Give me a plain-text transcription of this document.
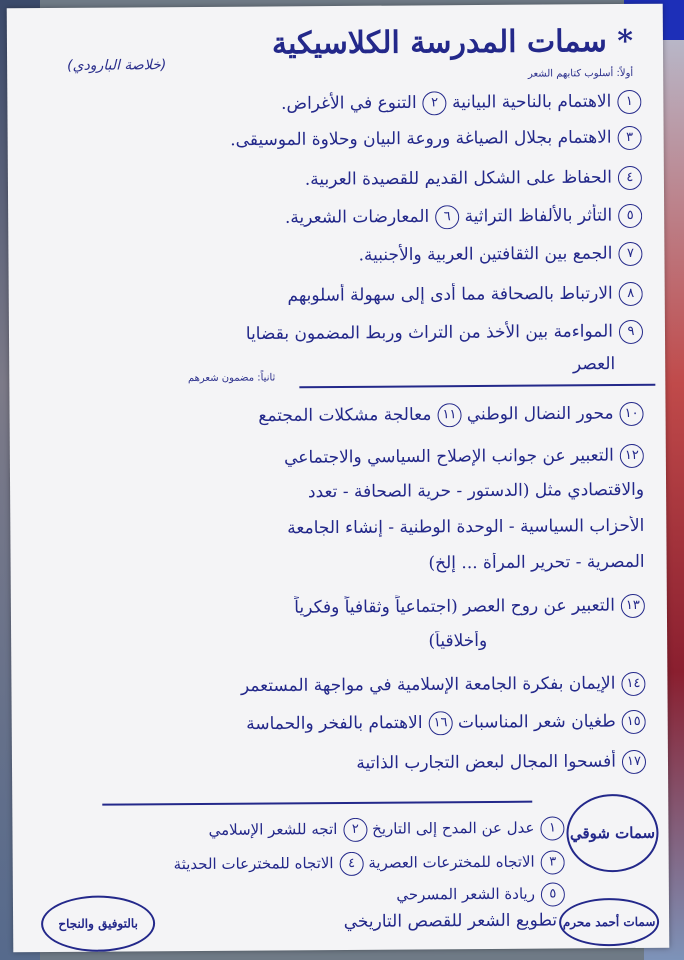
* سمات المدرسة الكلاسيكية
(خلاصة البارودي)
أولاً: أسلوب كتابهم الشعر
١الاهتمام بالناحية البيانية ٢التنوع في الأغراض.
٣الاهتمام بجلال الصياغة وروعة البيان وحلاوة الموسيقى.
٤الحفاظ على الشكل القديم للقصيدة العربية.
٥التأثر بالألفاظ التراثية ٦المعارضات الشعرية.
٧الجمع بين الثقافتين العربية والأجنبية.
٨الارتباط بالصحافة مما أدى إلى سهولة أسلوبهم
٩المواءمة بين الأخذ من التراث وربط المضمون بقضايا
العصر
ثانياً: مضمون شعرهم
١٠محور النضال الوطني ١١معالجة مشكلات المجتمع
١٢التعبير عن جوانب الإصلاح السياسي والاجتماعي
والاقتصادي مثل (الدستور - حرية الصحافة - تعدد
الأحزاب السياسية - الوحدة الوطنية - إنشاء الجامعة
المصرية - تحرير المرأة ... إلخ)
١٣التعبير عن روح العصر (اجتماعياً وثقافياً وفكرياً
وأخلاقياً)
١٤الإيمان بفكرة الجامعة الإسلامية في مواجهة المستعمر
١٥طغيان شعر المناسبات ١٦الاهتمام بالفخر والحماسة
١٧أفسحوا المجال لبعض التجارب الذاتية
سمات شوقي
١عدل عن المدح إلى التاريخ ٢اتجه للشعر الإسلامي
٣الاتجاه للمخترعات العصرية ٤الاتجاه للمخترعات الحديثة
٥ريادة الشعر المسرحي
سمات أحمد محرم
تطويع الشعر للقصص التاريخي
بالتوفيق والنجاح
